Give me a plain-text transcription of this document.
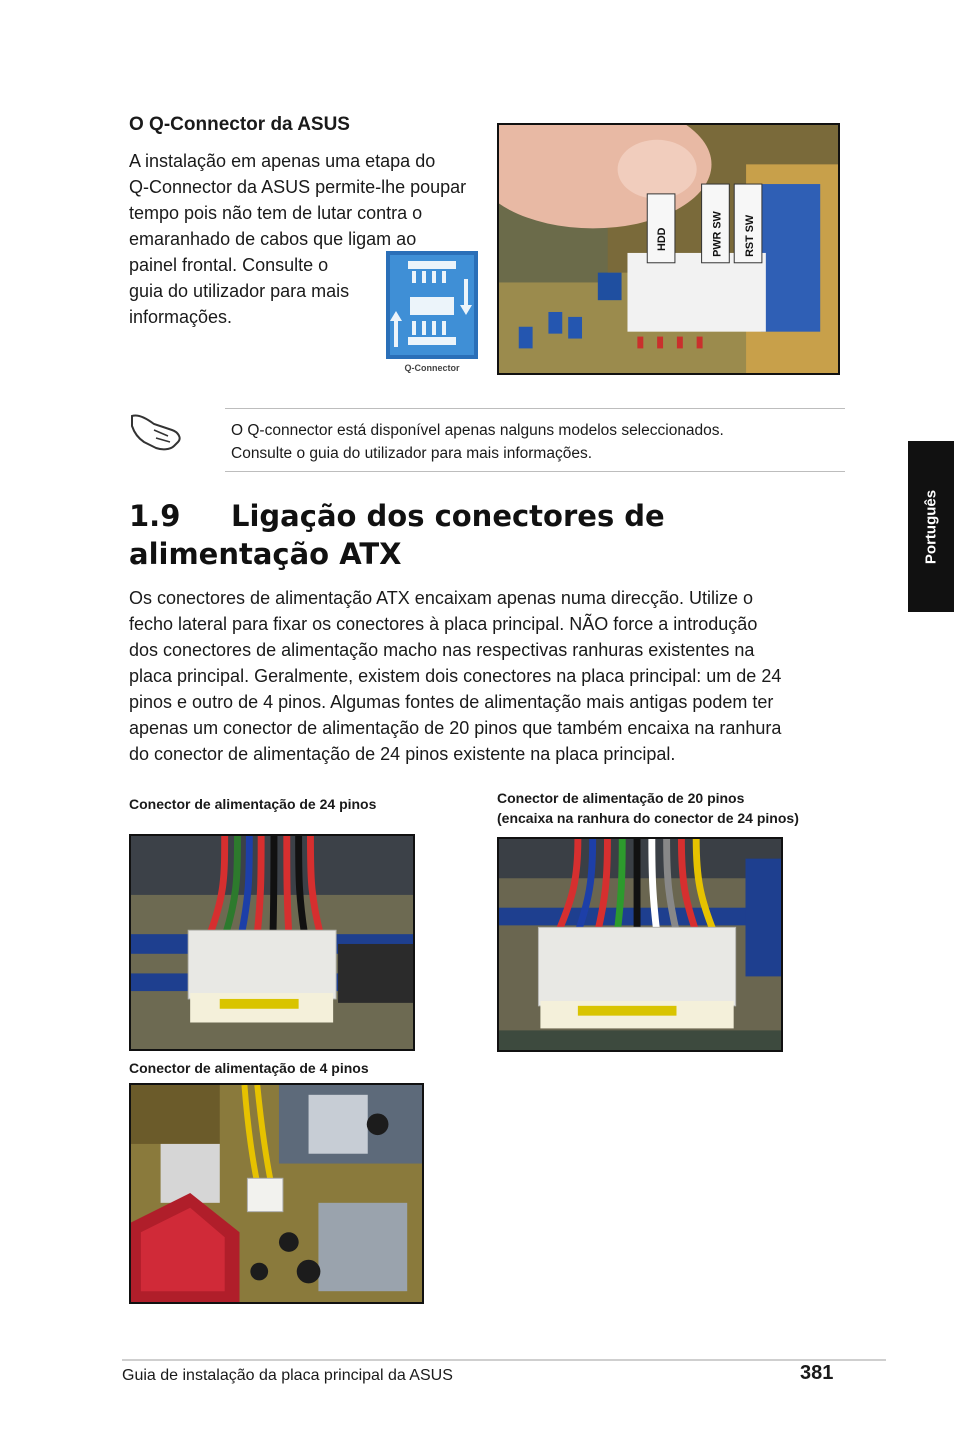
O Q-Connector da ASUS
A instalação em apenas uma etapa do
Q-Connector da ASUS permite-lhe poupar
tempo pois não tem de lutar contra o
emaranhado de cabos que ligam ao
painel frontal. Consulte o
guia do utilizador para mais
informações.
Q-Connector
HDD	PWR SW RST SW
O Q-connector está disponível apenas nalguns modelos seleccionados.
Consulte o guia do utilizador para mais informações.
1.9 Ligação dos conectores de
alimentação ATX
Os conectores de alimentação ATX encaixam apenas numa direcção. Utilize o
fecho lateral para fixar os conectores à placa principal. NÃO force a introdução
dos conectores de alimentação macho nas respectivas ranhuras existentes na
placa principal. Geralmente, existem dois conectores na placa principal: um de 24
pinos e outro de 4 pinos. Algumas fontes de alimentação mais antigas podem ter
apenas um conector de alimentação de 20 pinos que também encaixa na ranhura
do conector de alimentação de 24 pinos existente na placa principal.
Conector de alimentação de 24 pinos	Conector de alimentação de 20 pinos
(encaixa na ranhura do conector de 24 pinos)
Conector de alimentação de 4 pinos
Português
Guia de instalação da placa principal da ASUS	381
